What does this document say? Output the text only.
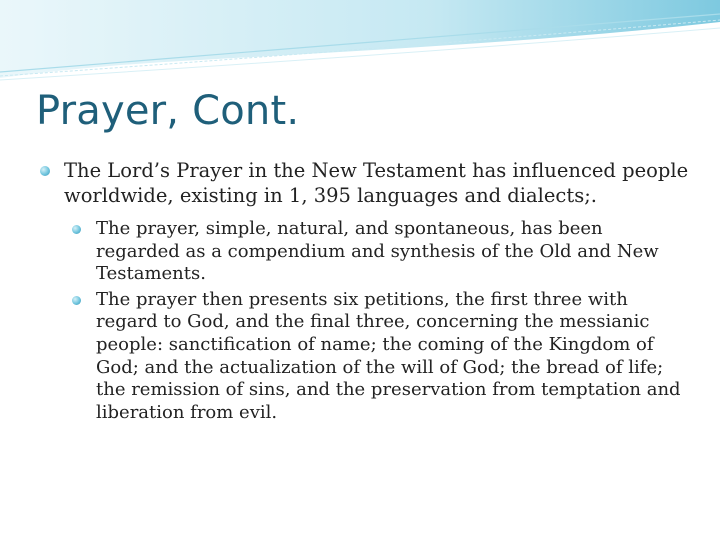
Prayer, Cont.
The Lord’s Prayer in the New Testament has influenced people worldwide, existing in 1, 395 languages and dialects;.
The prayer, simple, natural, and spontaneous, has been regarded as a compendium and synthesis of the Old and New Testaments.
The prayer then presents six petitions, the first three with regard to God, and the final three, concerning the messianic people: sanctification of name; the coming of the Kingdom of God; and the actualization of the will of God; the bread of life; the remission of sins, and the preservation from temptation and liberation from evil.
